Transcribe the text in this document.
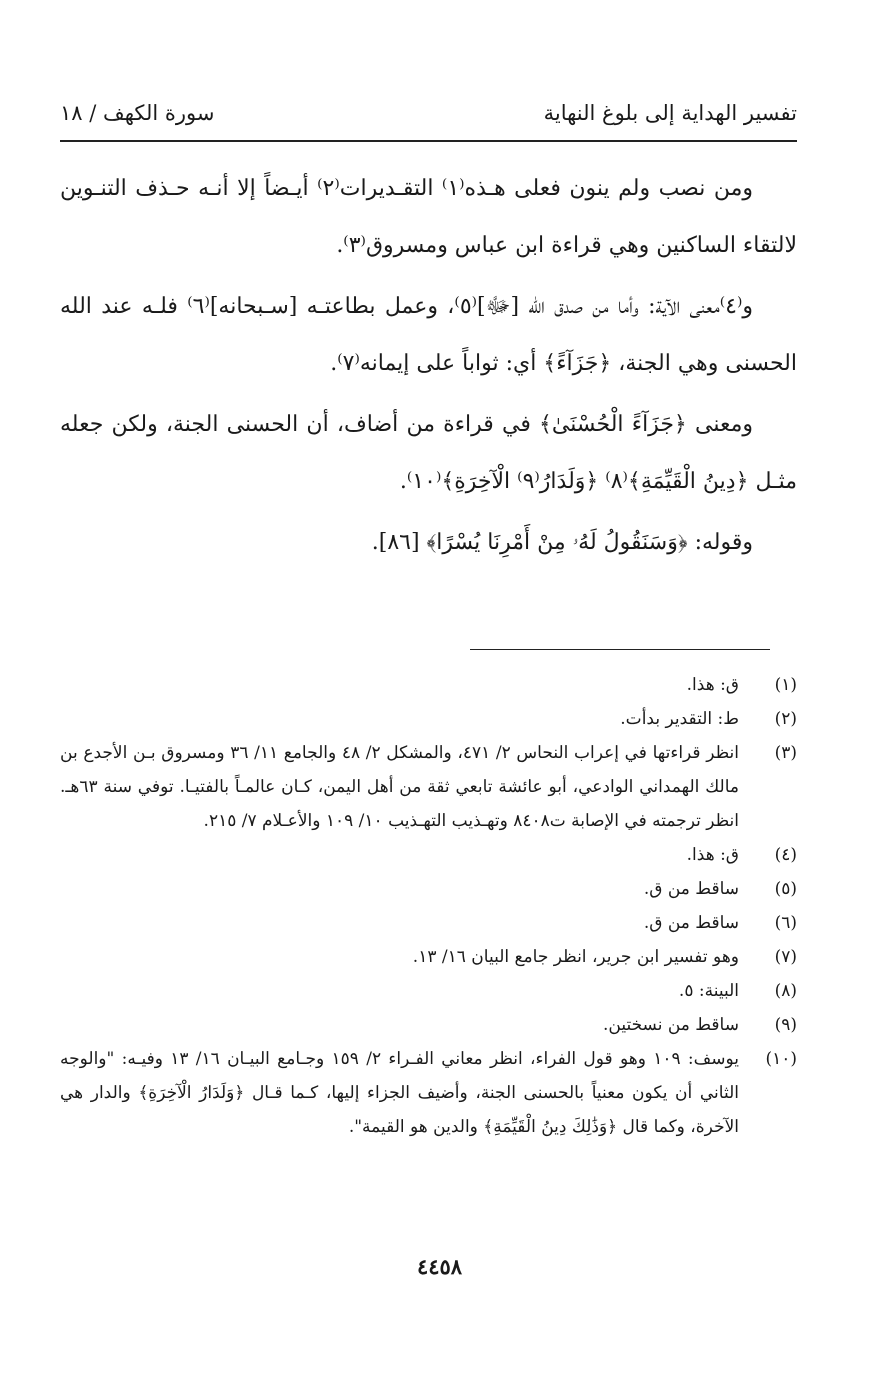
تفسير الهداية إلى بلوغ النهاية
سورة الكهف / ١٨

ومن نصب ولم ينون فعلى هـذه⁽١⁾ التقـديرات⁽٢⁾ أيـضاً إلا أنـه حـذف التنـوين لالتقاء الساكنين وهي قراءة ابن عباس ومسروق⁽٣⁾.

و⁽٤⁾معنى الآية: وأما من صدق الله [ﷻ]⁽٥⁾، وعمل بطاعتـه [سـبحانه]⁽٦⁾ فلـه عند الله الحسنى وهي الجنة، ﴿جَزَآءً﴾ أي: ثواباً على إيمانه⁽٧⁾.

ومعنى ﴿جَزَآءً الْحُسْنَىٰ﴾ في قراءة من أضاف، أن الحسنى الجنة، ولكن جعله مثـل ﴿دِينُ الْقَيِّمَةِ﴾⁽٨⁾ ﴿وَلَدَارُ⁽٩⁾ الْآخِرَةِ﴾⁽١٠⁾.

وقوله: ﴿وَسَنَقُولُ لَهُۥ مِنْ أَمْرِنَا يُسْرًا﴾ [٨٦].

(١)
ق: هذا.
(٢)
ط: التقدير بدأت.
(٣)
انظر قراءتها في إعراب النحاس ٢/ ٤٧١، والمشكل ٢/ ٤٨ والجامع ١١/ ٣٦ ومسروق بـن الأجدع بن مالك الهمداني الوادعي، أبو عائشة تابعي ثقة من أهل اليمن، كـان عالمـاً بالفتيـا. توفي سنة ٦٣هـ. انظر ترجمته في الإصابة ت٨٤٠٨ وتهـذيب التهـذيب ١٠/ ١٠٩ والأعـلام ٧/ ٢١٥.
(٤)
ق: هذا.
(٥)
ساقط من ق.
(٦)
ساقط من ق.
(٧)
وهو تفسير ابن جرير، انظر جامع البيان ١٦/ ١٣.
(٨)
البينة: ٥.
(٩)
ساقط من نسختين.
(١٠)
يوسف: ١٠٩ وهو قول الفراء، انظر معاني الفـراء ٢/ ١٥٩ وجـامع البيـان ١٦/ ١٣ وفيـه: "والوجه الثاني أن يكون معنياً بالحسنى الجنة، وأضيف الجزاء إليها، كـما قـال ﴿وَلَدَارُ الْآخِرَةِ﴾ والدار هي الآخرة، وكما قال ﴿وَذَٰلِكَ دِينُ الْقَيِّمَةِ﴾ والدين هو القيمة".
٤٤٥٨
